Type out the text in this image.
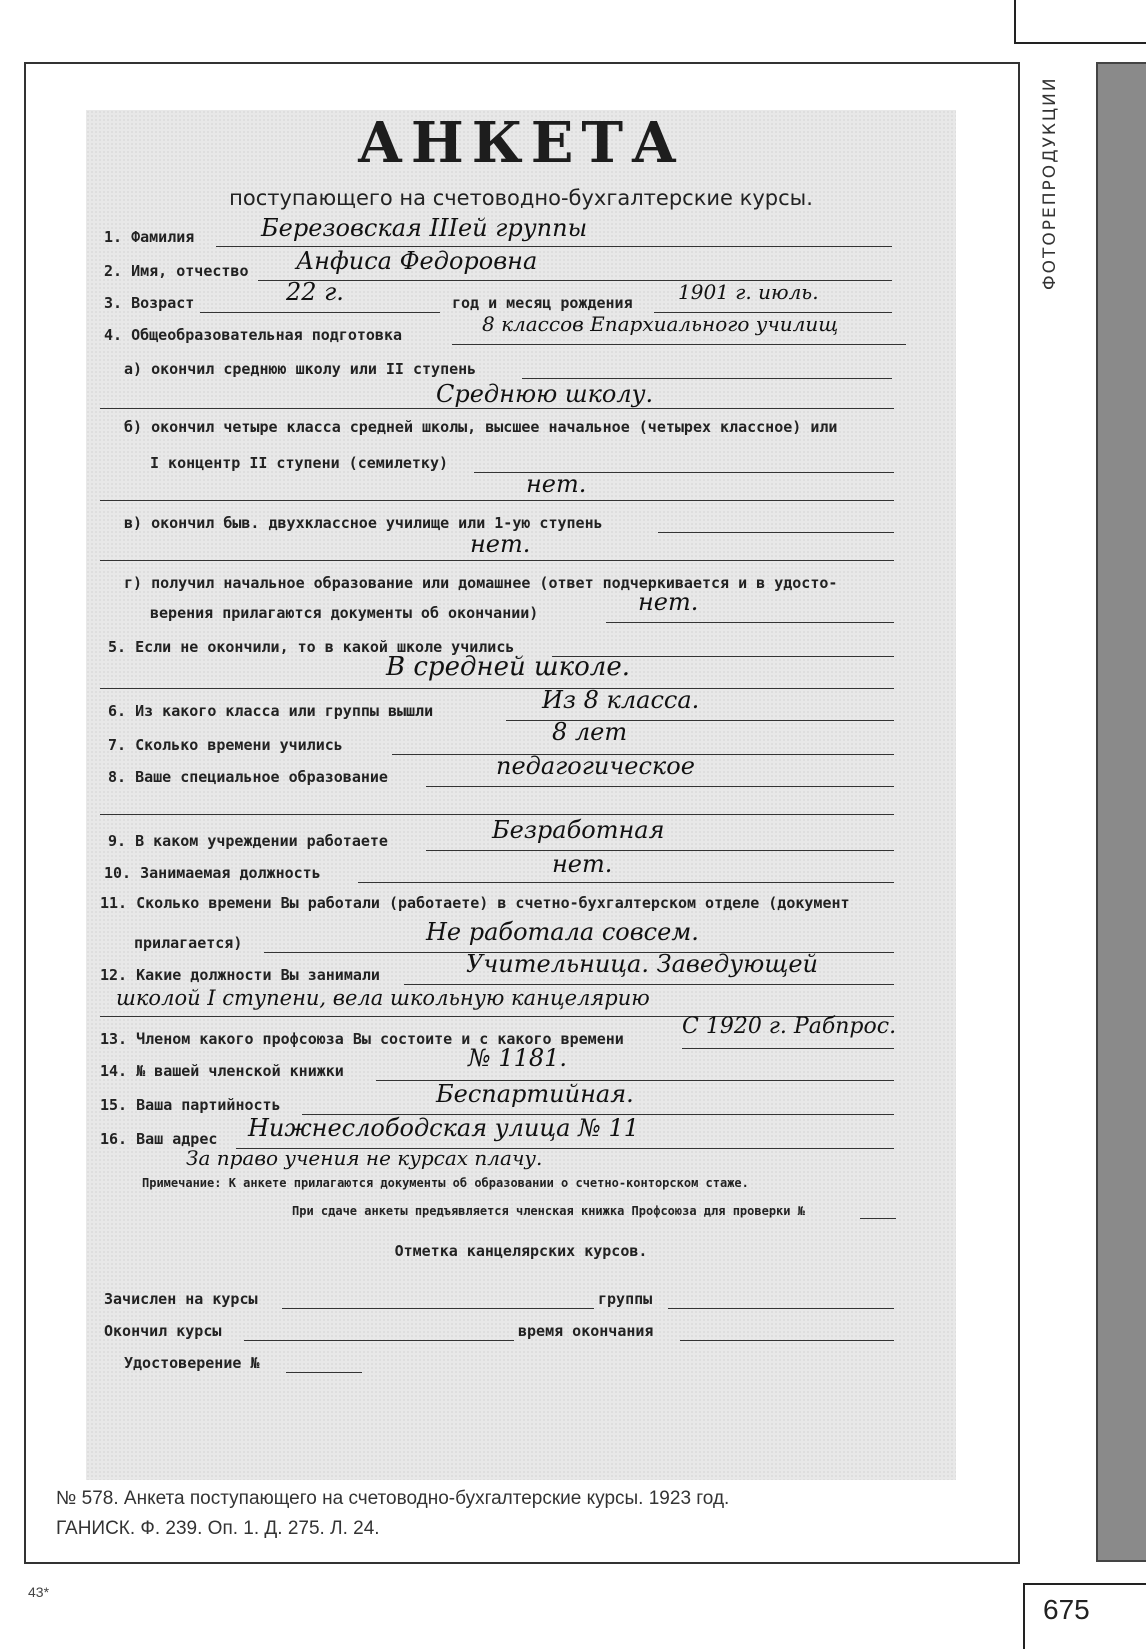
ФОТОРЕПРОДУКЦИИ
АНКЕТА
поступающего на счетоводно-бухгалтерские курсы.
1. Фамилия	Березовская IIIей группы
2. Имя, отчество Анфиса Федоровна
3. Возраст	22 г.	год и месяц рождения 1901 г. июль.
4. Общеобразовательная подготовка	8 классов Епархиального училищ
а) окончил среднюю школу или II ступень
Среднюю школу.
б) окончил четыре класса средней школы, высшее начальное (четырех классное) или
I концентр II ступени (семилетку)
нет.
в) окончил быв. двухклассное училище или 1-ую ступень
нет.
г) получил начальное образование или домашнее (ответ подчеркивается и в удосто-
верения прилагаются документы об окончании)	нет.
5. Если не окончили, то в какой школе учились
В средней школе.
6. Из какого класса или группы вышли	Из 8 класса.
7. Сколько времени учились	8 лет
8. Ваше специальное образование	педагогическое
9. В каком учреждении работаете	Безработная
10. Занимаемая должность	нет.
11. Сколько времени Вы работали (работаете) в счетно-бухгалтерском отделе (документ
прилагается)	Не работала совсем.
12. Какие должности Вы занимали	Учительница. Заведующей
школой I ступени, вела школьную канцелярию
13. Членом какого профсоюза Вы состоите и с какого времени	С 1920 г. Рабпрос.
14. № вашей членской книжки	№ 1181.
15. Ваша партийность	Беспартийная.
16. Ваш адрес Нижнеслободская улица № 11
За право учения не курсах плачу.
Примечание: К анкете прилагаются документы об образовании о счетно-конторском стаже.
При сдаче анкеты предъявляется членская книжка Профсоюза для проверки №
Отметка канцелярских курсов.
Зачислен на курсы	группы
Окончил курсы	время окончания
Удостоверение №
№ 578. Анкета поступающего на счетоводно-бухгалтерские курсы. 1923 год.
ГАНИСК. Ф. 239. Оп. 1. Д. 275. Л. 24.
43*
675
